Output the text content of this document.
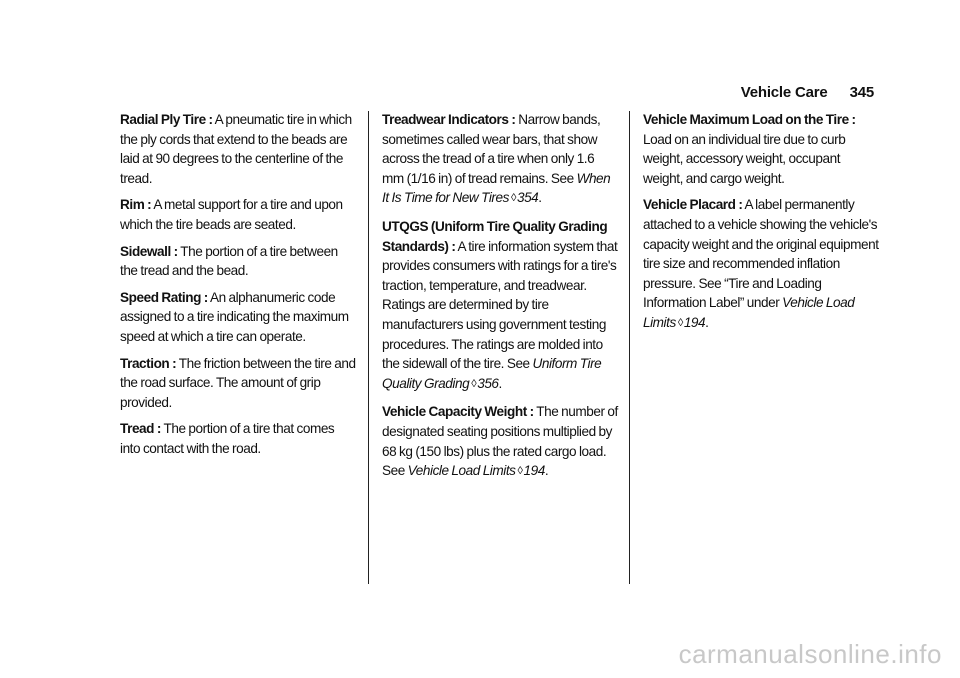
Vehicle Care 345

Radial Ply Tire : A pneumatic tire in which the ply cords that extend to the beads are laid at 90 degrees to the centerline of the tread.

Rim : A metal support for a tire and upon which the tire beads are seated.

Sidewall : The portion of a tire between the tread and the bead.

Speed Rating : An alphanumeric code assigned to a tire indicating the maximum speed at which a tire can operate.

Traction : The friction between the tire and the road surface. The amount of grip provided.

Tread : The portion of a tire that comes into contact with the road.

Treadwear Indicators : Narrow bands, sometimes called wear bars, that show across the tread of a tire when only 1.6 mm (1/16 in) of tread remains. See When It Is Time for New Tires ◊354.

UTQGS (Uniform Tire Quality Grading Standards) : A tire information system that provides consumers with ratings for a tire's traction, temperature, and treadwear. Ratings are determined by tire manufacturers using government testing procedures. The ratings are molded into the sidewall of the tire. See Uniform Tire Quality Grading ◊356.

Vehicle Capacity Weight : The number of designated seating positions multiplied by 68 kg (150 lbs) plus the rated cargo load. See Vehicle Load Limits ◊194.

Vehicle Maximum Load on the Tire : Load on an individual tire due to curb weight, accessory weight, occupant weight, and cargo weight.

Vehicle Placard : A label permanently attached to a vehicle showing the vehicle's capacity weight and the original equipment tire size and recommended inflation pressure. See “Tire and Loading Information Label” under Vehicle Load Limits ◊194.

carmanualsonline.info
